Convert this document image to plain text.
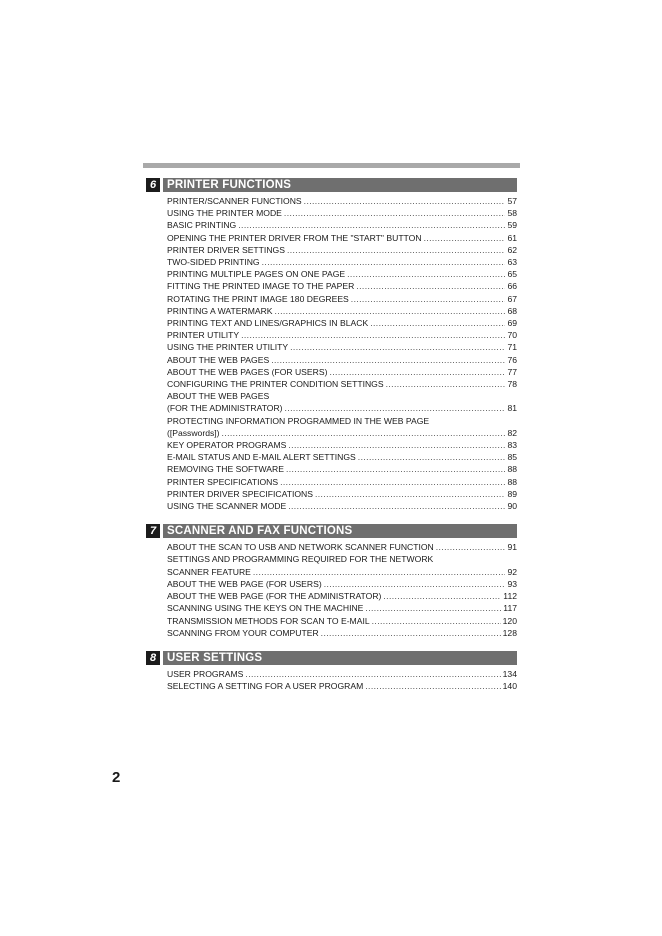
6 PRINTER FUNCTIONS
PRINTER/SCANNER FUNCTIONS .....	57
USING THE PRINTER MODE .....	58
BASIC PRINTING .....	59
OPENING THE PRINTER DRIVER FROM THE "START" BUTTON .....	61
PRINTER DRIVER SETTINGS .....	62
TWO-SIDED PRINTING .....	63
PRINTING MULTIPLE PAGES ON ONE PAGE .....	65
FITTING THE PRINTED IMAGE TO THE PAPER .....	66
ROTATING THE PRINT IMAGE 180 DEGREES .....	67
PRINTING A WATERMARK .....	68
PRINTING TEXT AND LINES/GRAPHICS IN BLACK .....	69
PRINTER UTILITY .....	70
USING THE PRINTER UTILITY .....	71
ABOUT THE WEB PAGES .....	76
ABOUT THE WEB PAGES (FOR USERS) .....	77
CONFIGURING THE PRINTER CONDITION SETTINGS .....	78
ABOUT THE WEB PAGES
(FOR THE ADMINISTRATOR) .....	81
PROTECTING INFORMATION PROGRAMMED IN THE WEB PAGE
([Passwords]) .....	82
KEY OPERATOR PROGRAMS .....	83
E-MAIL STATUS AND E-MAIL ALERT SETTINGS .....	85
REMOVING THE SOFTWARE .....	88
PRINTER SPECIFICATIONS .....	88
PRINTER DRIVER SPECIFICATIONS .....	89
USING THE SCANNER MODE .....	90
7 SCANNER AND FAX FUNCTIONS
ABOUT THE SCAN TO USB AND NETWORK SCANNER FUNCTION .....	91
SETTINGS AND PROGRAMMING REQUIRED FOR THE NETWORK
SCANNER FEATURE .....	92
ABOUT THE WEB PAGE (FOR USERS) .....	93
ABOUT THE WEB PAGE (FOR THE ADMINISTRATOR) .....	112
SCANNING USING THE KEYS ON THE MACHINE .....	117
TRANSMISSION METHODS FOR SCAN TO E-MAIL .....	120
SCANNING FROM YOUR COMPUTER .....	128
8 USER SETTINGS
USER PROGRAMS .....	134
SELECTING A SETTING FOR A USER PROGRAM .....	140
2
